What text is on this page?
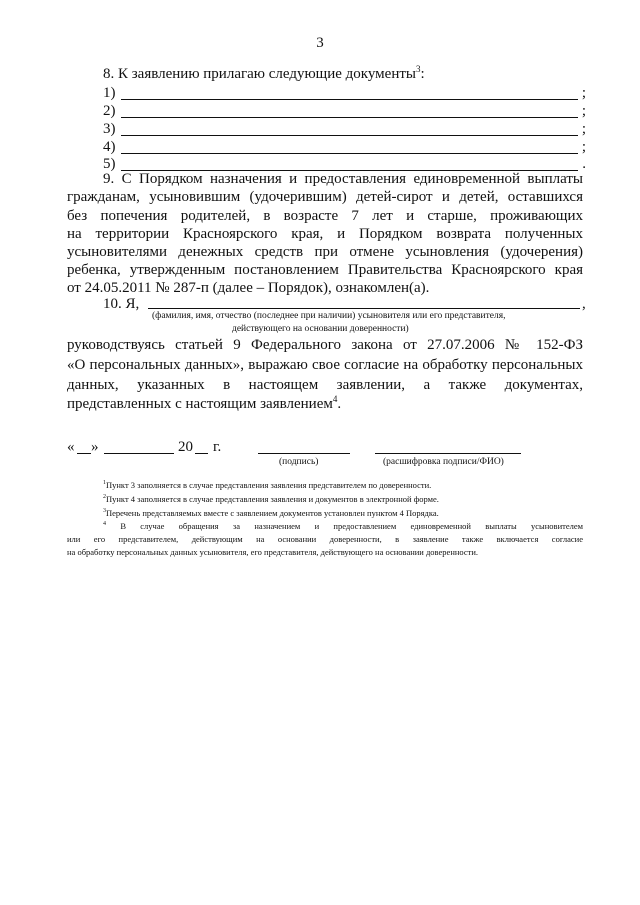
3
8. К заявлению прилагаю следующие документы$^3$:
1)	;
2)	;
3)	;
4)	;
5)	.
9. С Порядком назначения и предоставления единовременной выплаты
гражданам, усыновившим (удочерившим) детей-сирот и детей, оставшихся
без попечения родителей, в возрасте 7 лет и старше, проживающих
на территории Красноярского края, и Порядком возврата полученных
усыновителями денежных средств при отмене усыновления (удочерения)
ребенка, утвержденным постановлением Правительства Красноярского края
от 24.05.2011 № 287-п (далее – Порядок), ознакомлен(а).
10. Я,	,
(фамилия, имя, отчество (последнее при наличии) усыновителя или его представителя,
действующего на основании доверенности)
руководствуясь статьей 9 Федерального закона от 27.07.2006 № 152-ФЗ
«О персональных данных», выражаю свое согласие на обработку персональных
данных, указанных в настоящем заявлении, а также документах,
представленных с настоящим заявлением$^4$.
« »	20 г.
(подпись)	(расшифровка подписи/ФИО)
$^1$Пункт 3 заполняется в случае представления заявления представителем по доверенности.
$^2$Пункт 4 заполняется в случае представления заявления и документов в электронной форме.
$^3$Перечень представляемых вместе с заявлением документов установлен пунктом 4 Порядка.
$^4$ В случае обращения за назначением и предоставлением единовременной выплаты усыновителем
или его представителем, действующим на основании доверенности, в заявление также включается согласие
на обработку персональных данных усыновителя, его представителя, действующего на основании доверенности.
